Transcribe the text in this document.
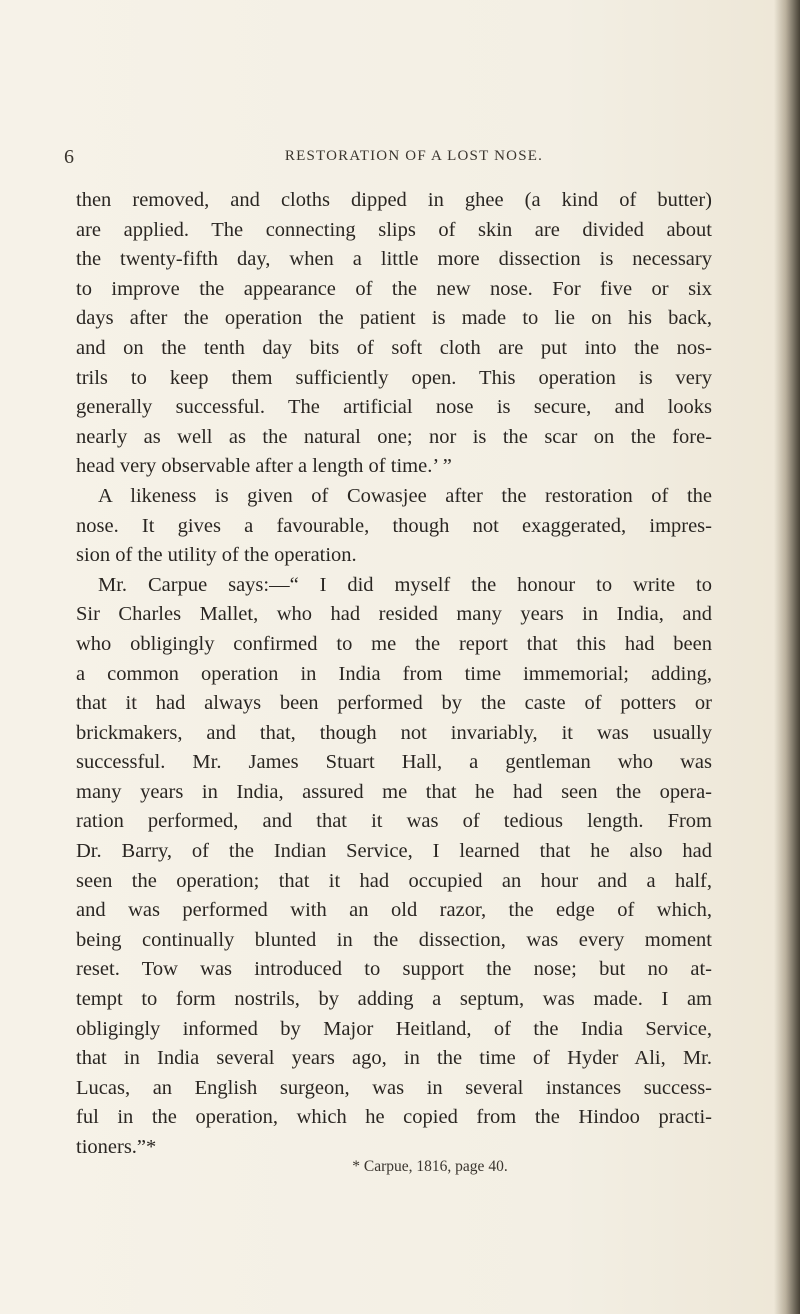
6	RESTORATION OF A LOST NOSE.
then removed, and cloths dipped in ghee (a kind of butter)
are applied. The connecting slips of skin are divided about
the twenty-fifth day, when a little more dissection is necessary
to improve the appearance of the new nose. For five or six
days after the operation the patient is made to lie on his back,
and on the tenth day bits of soft cloth are put into the nos-
trils to keep them sufficiently open. This operation is very
generally successful. The artificial nose is secure, and looks
nearly as well as the natural one; nor is the scar on the fore-
head very observable after a length of time.’ ”
A likeness is given of Cowasjee after the restoration of the
nose. It gives a favourable, though not exaggerated, impres-
sion of the utility of the operation.
Mr. Carpue says:—“ I did myself the honour to write to
Sir Charles Mallet, who had resided many years in India, and
who obligingly confirmed to me the report that this had been
a common operation in India from time immemorial; adding,
that it had always been performed by the caste of potters or
brickmakers, and that, though not invariably, it was usually
successful. Mr. James Stuart Hall, a gentleman who was
many years in India, assured me that he had seen the opera-
ration performed, and that it was of tedious length. From
Dr. Barry, of the Indian Service, I learned that he also had
seen the operation; that it had occupied an hour and a half,
and was performed with an old razor, the edge of which,
being continually blunted in the dissection, was every moment
reset. Tow was introduced to support the nose; but no at-
tempt to form nostrils, by adding a septum, was made. I am
obligingly informed by Major Heitland, of the India Service,
that in India several years ago, in the time of Hyder Ali, Mr.
Lucas, an English surgeon, was in several instances success-
ful in the operation, which he copied from the Hindoo practi-
tioners.”*
* Carpue, 1816, page 40.
